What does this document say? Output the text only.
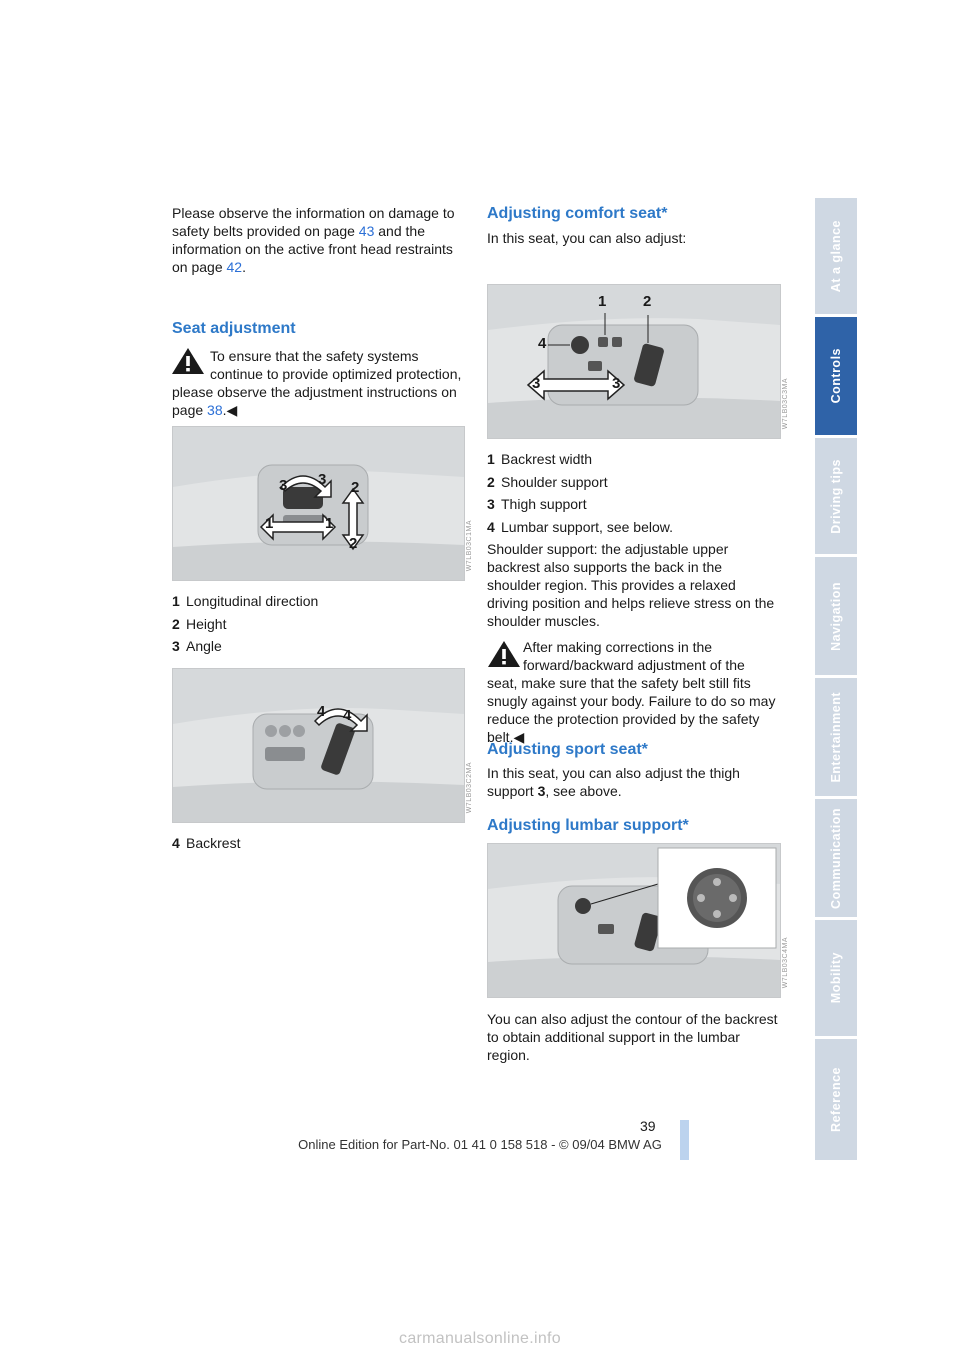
Please observe the information on damage to safety belts provided on page 43 and the information on the active front head restraints on page 42.

Seat adjustment

To ensure that the safety systems continue to provide optimized protection, please observe the adjustment instructions on page 38.◀

3 3 2
1	1
2	W7LB03C1MA
1 Longitudinal direction
2 Height
3 Angle
4 4
W7LB03C2MA
4 Backrest
Adjusting comfort seat*

In this seat, you can also adjust:

1 2
4
3	3	W7LB03C3MA
1 Backrest width
2 Shoulder support
3 Thigh support
4 Lumbar support, see below.

Shoulder support: the adjustable upper backrest also supports the back in the shoulder region. This provides a relaxed driving position and helps relieve stress on the shoulder muscles.

After making corrections in the forward/backward adjustment of the seat, make sure that the safety belt still fits snugly against your body. Failure to do so may reduce the protection provided by the safety belt.◀

Adjusting sport seat*

In this seat, you can also adjust the thigh support 3, see above.

Adjusting lumbar support*
W7LB03C4MA

You can also adjust the contour of the backrest to obtain additional support in the lumbar region.

At a glance
Controls
Driving tips
Navigation
Entertainment
Communication
Mobility
Reference
39
Online Edition for Part-No. 01 41 0 158 518 - © 09/04 BMW AG
carmanualsonline.info
